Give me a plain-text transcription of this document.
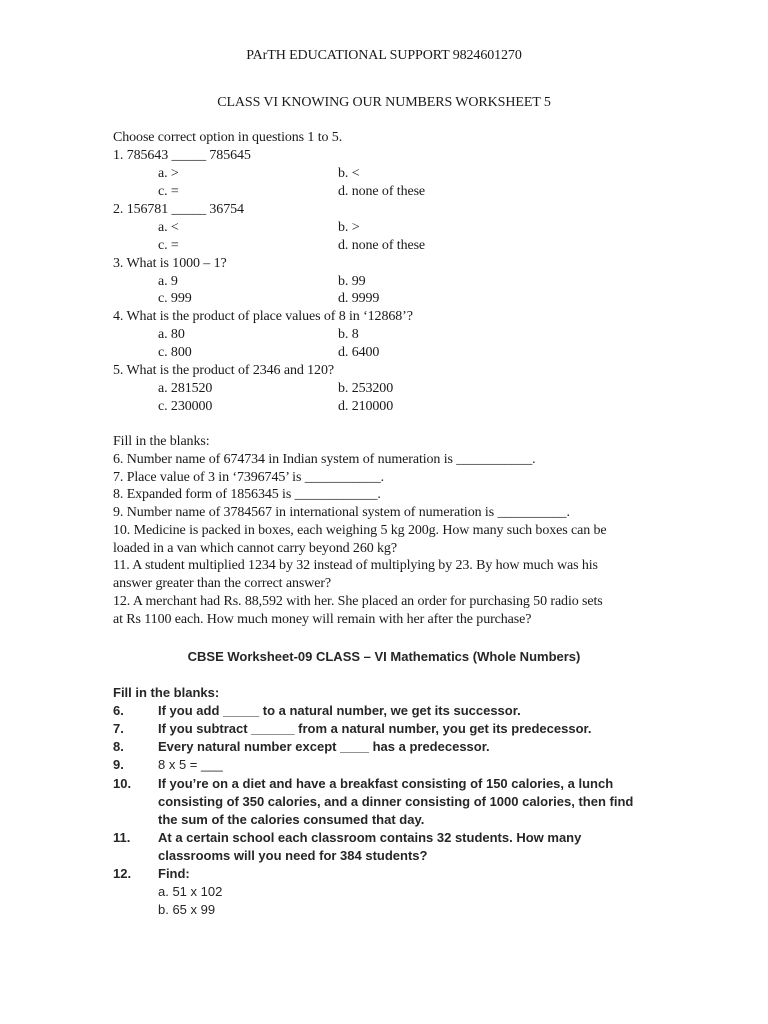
PArTH EDUCATIONAL SUPPORT 9824601270
CLASS VI KNOWING OUR NUMBERS WORKSHEET 5
Choose correct option in questions 1 to 5.
1. 785643 _____ 785645
a. >	b. <
c. =	d. none of these
2. 156781 _____ 36754
a. <	b. >
c. =	d. none of these
3. What is 1000 – 1?
a. 9	b. 99
c. 999	d. 9999
4. What is the product of place values of 8 in ‘12868’?
a. 80	b. 8
c. 800	d. 6400
5. What is the product of 2346 and 120?
a. 281520	b. 253200
c. 230000	d. 210000
Fill in the blanks:
6. Number name of 674734 in Indian system of numeration is ___________.
7. Place value of 3 in ‘7396745’ is ___________.
8. Expanded form of 1856345 is ____________.
9. Number name of 3784567 in international system of numeration is __________.
10. Medicine is packed in boxes, each weighing 5 kg 200g. How many such boxes can be
loaded in a van which cannot carry beyond 260 kg?
11. A student multiplied 1234 by 32 instead of multiplying by 23. By how much was his
answer greater than the correct answer?
12. A merchant had Rs. 88,592 with her. She placed an order for purchasing 50 radio sets
at Rs 1100 each. How much money will remain with her after the purchase?
CBSE Worksheet-09 CLASS – VI Mathematics (Whole Numbers)
Fill in the blanks:
6.	If you add _____ to a natural number, we get its successor.
7.	If you subtract ______ from a natural number, you get its predecessor.
8.	Every natural number except ____ has a predecessor.
9.	8 x 5 = ___
10. If you’re on a diet and have a breakfast consisting of 150 calories, a lunch
consisting of 350 calories, and a dinner consisting of 1000 calories, then find
the sum of the calories consumed that day.
11. At a certain school each classroom contains 32 students. How many
classrooms will you need for 384 students?
12. Find:
a. 51 x 102
b. 65 x 99
